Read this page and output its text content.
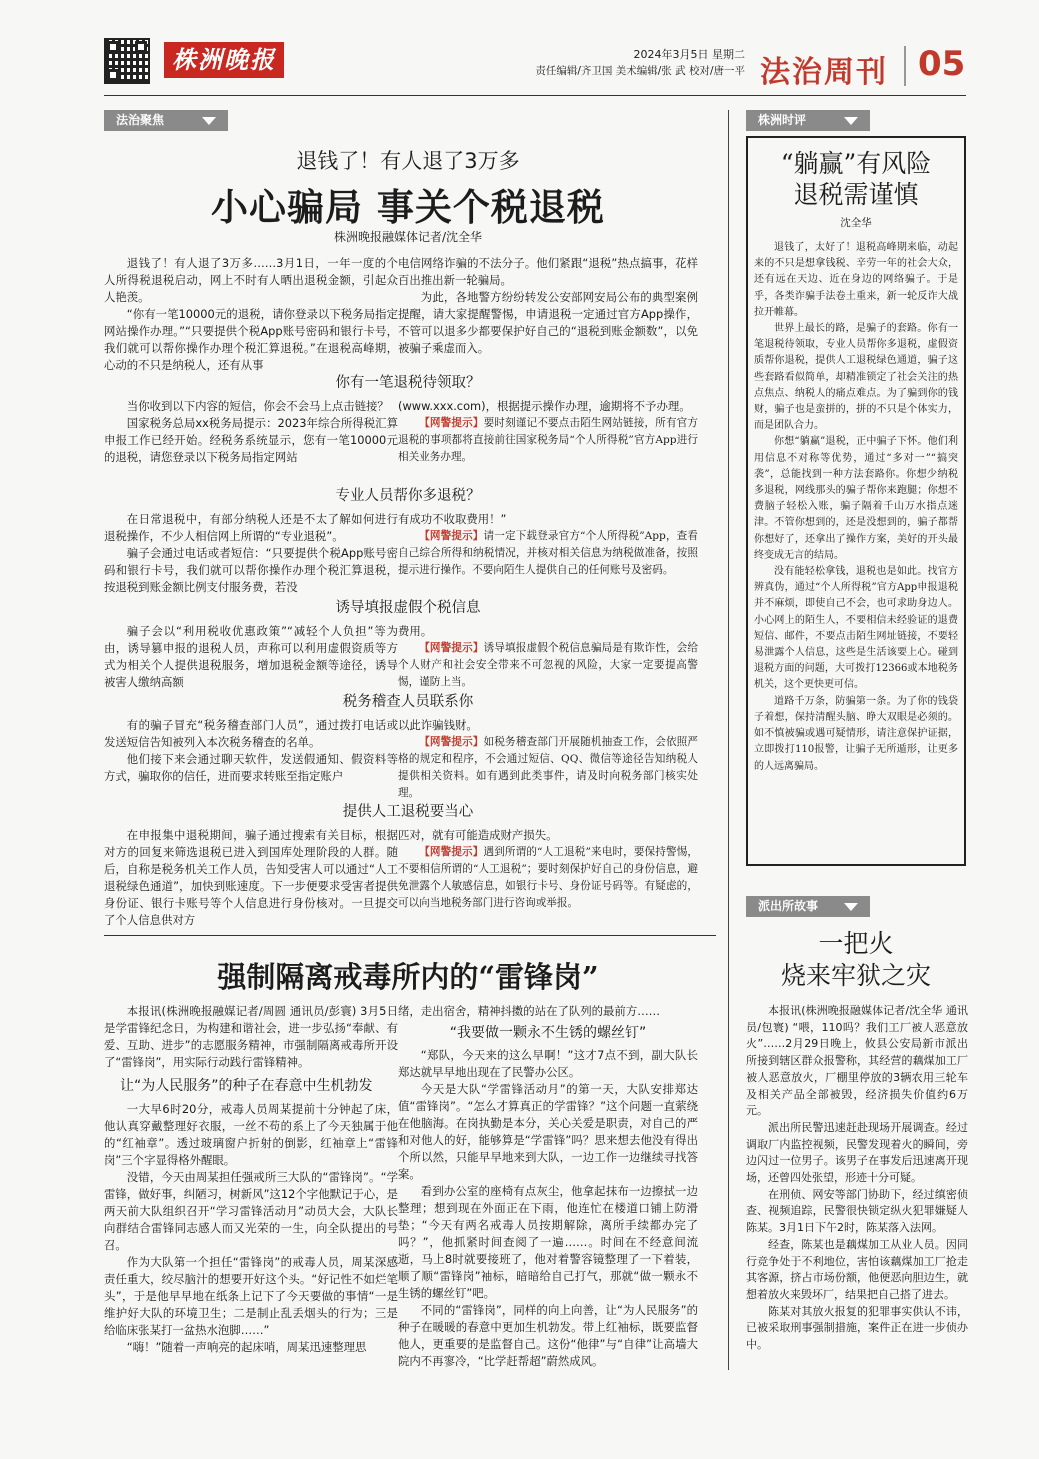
株洲晚报	2024年3月5日 星期二
责任编辑/齐卫国 美术编辑/张 武 校对/唐一平 法治周刊 05
法治聚焦
退钱了！有人退了3万多
小心骗局 事关个税退税
株洲晚报融媒体记者/沈全华

退钱了！有人退了3万多……3月1日，一年一度的个人所得税退税启动，网上不时有人晒出退税金额，引起众人艳羡。

“你有一笔10000元的退税，请你登录以下税务局指定网站操作办理。”“只要提供个税App账号密码和银行卡号，我们就可以帮你操作办理个税汇算退税。”在退税高峰期，心动的不只是纳税人，还有从事

电信网络诈骗的不法分子。他们紧跟“退税”热点搞事，花样百出推出新一轮骗局。

为此，各地警方纷纷转发公安部网安局公布的典型案例提醒，请大家提醒警惕，申请退税一定通过官方App操作，不管可以退多少都要保护好自己的“退税到账金额数”，以免被骗子乘虚而入。

你有一笔退税待领取？

当你收到以下内容的短信，你会不会马上点击链接？

国家税务总局xx税务局提示：2023年综合所得税汇算申报工作已经开始。经税务系统显示，您有一笔10000元的退税，请您登录以下税务局指定网站

(www.xxx.com)，根据提示操作办理，逾期将不予办理。

【网警提示】要时刻谨记不要点击陌生网站链接，所有官方退税的事项都将直接前往国家税务局“个人所得税”官方App进行相关业务办理。

专业人员帮你多退税？

在日常退税中，有部分纳税人还是不太了解如何进行退税操作，不少人相信网上所谓的“专业退税”。

骗子会通过电话或者短信：“只要提供个税App账号密码和银行卡号，我们就可以帮你操作办理个税汇算退税，按退税到账金额比例支付服务费，若没

有成功不收取费用！”

【网警提示】请一定下载登录官方“个人所得税”App，查看自己综合所得和纳税情况，并核对相关信息为纳税做准备，按照提示进行操作。不要向陌生人提供自己的任何账号及密码。

诱导填报虚假个税信息

骗子会以“利用税收优惠政策”“减轻个人负担”等为由，诱导篡申报的退税人员，声称可以利用虚假资质等方式为相关个人提供退税服务，增加退税金额等途径，诱导被害人缴纳高额

费用。

【网警提示】诱导填报虚假个税信息骗局是有欺诈性，会给个人财产和社会安全带来不可忽视的风险，大家一定要提高警惕，谨防上当。

税务稽查人员联系你

有的骗子冒充“税务稽查部门人员”，通过拨打电话或发送短信告知被列入本次税务稽查的名单。

他们接下来会通过聊天软件，发送假通知、假资料等方式，骗取你的信任，进而要求转账至指定账户

以此诈骗钱财。

【网警提示】如税务稽查部门开展随机抽查工作，会依照严格的规定和程序，不会通过短信、QQ、微信等途径告知纳税人提供相关资料。如有遇到此类事件，请及时向税务部门核实处理。

提供人工退税要当心

在申报集中退税期间，骗子通过搜索有关目标，根据对方的回复来筛选退税已进入到国库处理阶段的人群。随后，自称是税务机关工作人员，告知受害人可以通过“人工退税绿色通道”，加快到账速度。下一步便要求受害者提供身份证、银行卡账号等个人信息进行身份核对。一旦提交了个人信息供对方

匹对，就有可能造成财产损失。

【网警提示】遇到所谓的“人工退税”来电时，要保持警惕，不要相信所谓的“人工退税”；要时刻保护好自己的身份信息，避免泄露个人敏感信息，如银行卡号、身份证号码等。有疑虑的，可以向当地税务部门进行咨询或举报。

株洲时评
“躺赢”有风险
退税需谨慎
沈全华

退钱了，太好了！退税高峰期来临，动起来的不只是想拿钱税、辛劳一年的社会大众，还有远在天边、近在身边的网络骗子。于是乎，各类诈骗手法卷土重来，新一轮反诈大战拉开帷幕。

世界上最长的路，是骗子的套路。你有一笔退税待领取，专业人员帮你多退税，虚假资质帮你退税，提供人工退税绿色通道，骗子这些套路看似简单，却精准锁定了社会关注的热点焦点、纳税人的痛点难点。为了骗到你的钱财，骗子也是蛮拼的，拼的不只是个体实力，而是团队合力。

你想“躺赢”退税，正中骗子下怀。他们利用信息不对称等优势，通过“多对一”“搞突袭”，总能找到一种方法套路你。你想少纳税多退税，网线那头的骗子帮你来跑腿；你想不费脑子轻松入账，骗子隔着千山万水指点迷津。不管你想到的，还是没想到的，骗子都帮你想好了，还拿出了操作方案，美好的开头最终变成无言的结局。

没有能轻松拿钱，退税也是如此。找官方辨真伪，通过“个人所得税”官方App申报退税并不麻烦，即使自己不会，也可求助身边人。小心网上的陌生人，不要相信未经验证的退费短信、邮件，不要点击陌生网址链接，不要轻易泄露个人信息，这些是生活该要上心。碰到退税方面的问题，大可拨打12366或本地税务机关，这个更快更可信。

道路千万条，防骗第一条。为了你的钱袋子着想，保持清醒头脑、睁大双眼是必须的。如不慎被骗或遇可疑情形，请注意保护证据，立即拨打110报警，让骗子无所遁形，让更多的人远离骗局。

派出所故事
一把火
烧来牢狱之灾

本报讯(株洲晚报融媒体记者/沈全华 通讯员/包寰) “喂，110吗？我们工厂被人恶意放火”……2月29日晚上，攸县公安局新市派出所接到辖区群众报警称，其经营的藕煤加工厂被人恶意放火，厂棚里停放的3辆农用三轮车及相关产品全部被毁，经济损失价值约6万元。

派出所民警迅速赶赴现场开展调查。经过调取厂内监控视频，民警发现着火的瞬间，旁边闪过一位男子。该男子在事发后迅速离开现场，还曾四处张望，形迹十分可疑。

在刑侦、网安等部门协助下，经过缜密侦查、视频追踪，民警很快锁定纵火犯罪嫌疑人陈某。3月1日下午2时，陈某落入法网。

经查，陈某也是藕煤加工从业人员。因同行竞争处于不利地位，害怕该藕煤加工厂抢走其客源，挤占市场份额，他便恶向胆边生，就想着放火来毁坏厂，结果把自己搭了进去。

陈某对其放火报复的犯罪事实供认不讳，已被采取刑事强制措施，案件正在进一步侦办中。

强制隔离戒毒所内的“雷锋岗”

本报讯(株洲晚报融媒记者/周圆 通讯员/彭寰) 3月5日是学雷锋纪念日，为构建和谐社会，进一步弘扬“奉献、有爱、互助、进步”的志愿服务精神，市强制隔离戒毒所开设了“雷锋岗”，用实际行动践行雷锋精神。

让“为人民服务”的种子在春意中生机勃发

一大早6时20分，戒毒人员周某提前十分钟起了床，他认真穿戴整理好衣服，一丝不苟的系上了今天独属于他的“红袖章”。透过玻璃窗户折射的倒影，红袖章上“雷锋岗”三个字显得格外醒眼。

没错，今天由周某担任强戒所三大队的“雷锋岗”。“学雷锋，做好事，纠陋习，树新风”这12个字他默记于心，是两天前大队组织召开“学习雷锋活动月”动员大会，大队长向群结合雷锋同志感人而又光荣的一生，向全队提出的号召。

作为大队第一个担任“雷锋岗”的戒毒人员，周某深感责任重大，绞尽脑汁的想要开好这个头。“好记性不如烂笔头”，于是他早早地在纸条上记下了今天要做的事情“一是维护好大队的环境卫生；二是制止乱丢烟头的行为；三是给临床张某打一盆热水泡脚……”

“嗨！”随着一声响亮的起床哨，周某迅速整理思

绪，走出宿舍，精神抖擞的站在了队列的最前方……

“我要做一颗永不生锈的螺丝钉”

“郑队，今天来的这么早啊！”这才7点不到，副大队长郑达就早早地出现在了民警办公区。

今天是大队“学雷锋活动月”的第一天，大队安排郑达值“雷锋岗”。“怎么才算真正的学雷锋？”这个问题一直萦绕在他脑海。在岗执勤是本分，关心关爱是职责，对自己的严和对他人的好，能够算是“学雷锋”吗？思来想去他没有得出个所以然，只能早早地来到大队，一边工作一边继续寻找答案。

看到办公室的座椅有点灰尘，他拿起抹布一边擦拭一边整理；想到现在外面正在下雨，他连忙在楼道口铺上防滑垫；“今天有两名戒毒人员按期解除，离所手续都办完了吗？”，他抓紧时间查阅了一遍……。时间在不经意间流逝，马上8时就要接班了，他对着警容镜整理了一下着装，顺了顺“雷锋岗”袖标，暗暗给自己打气，那就“做一颗永不生锈的螺丝钉”吧。

不同的“雷锋岗”，同样的向上向善，让“为人民服务”的种子在暖暖的春意中更加生机勃发。带上红袖标，既要监督他人，更重要的是监督自己。这份“他律”与“自律”让高墙大院内不再寥冷，“比学赶帮超”蔚然成风。
